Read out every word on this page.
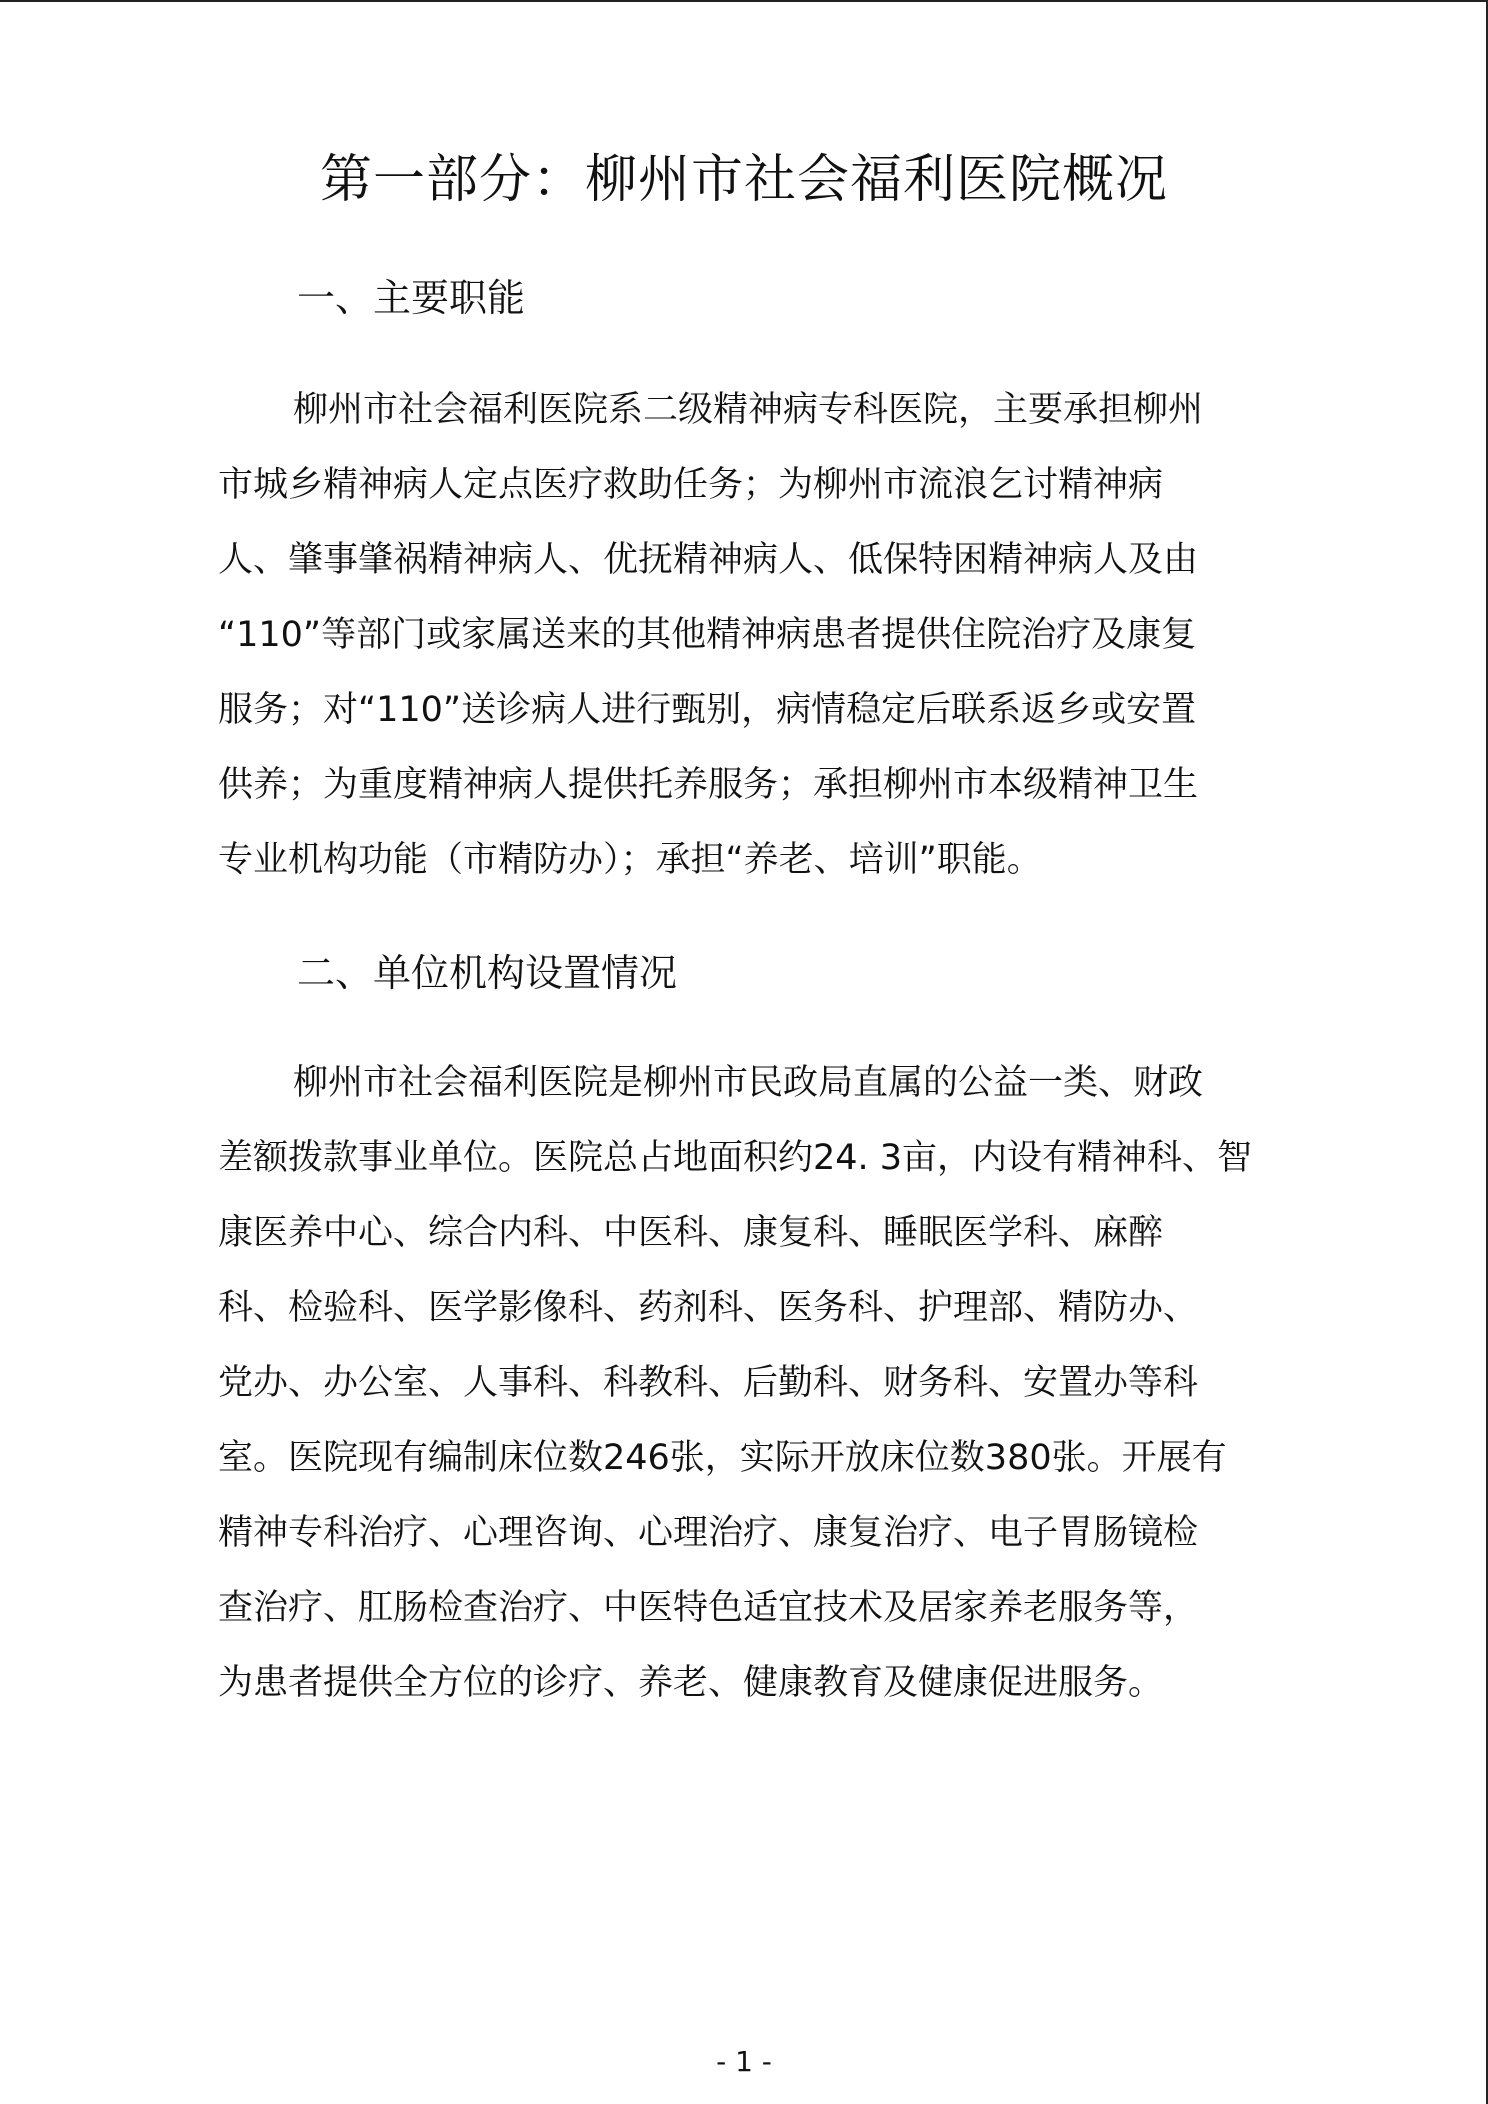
第一部分：柳州市社会福利医院概况
一、主要职能
柳州市社会福利医院系二级精神病专科医院，主要承担柳州
市城乡精神病人定点医疗救助任务；为柳州市流浪乞讨精神病
人、肇事肇祸精神病人、优抚精神病人、低保特困精神病人及由
“110”等部门或家属送来的其他精神病患者提供住院治疗及康复
服务；对“110”送诊病人进行甄别，病情稳定后联系返乡或安置
供养；为重度精神病人提供托养服务；承担柳州市本级精神卫生
专业机构功能（市精防办）；承担“养老、培训”职能。
二、单位机构设置情况
柳州市社会福利医院是柳州市民政局直属的公益一类、财政
差额拨款事业单位。医院总占地面积约24. 3亩，内设有精神科、智
康医养中心、综合内科、中医科、康复科、睡眠医学科、麻醉
科、检验科、医学影像科、药剂科、医务科、护理部、精防办、
党办、办公室、人事科、科教科、后勤科、财务科、安置办等科
室。医院现有编制床位数246张，实际开放床位数380张。开展有
精神专科治疗、心理咨询、心理治疗、康复治疗、电子胃肠镜检
查治疗、肛肠检查治疗、中医特色适宜技术及居家养老服务等，
为患者提供全方位的诊疗、养老、健康教育及健康促进服务。
- 1 -
